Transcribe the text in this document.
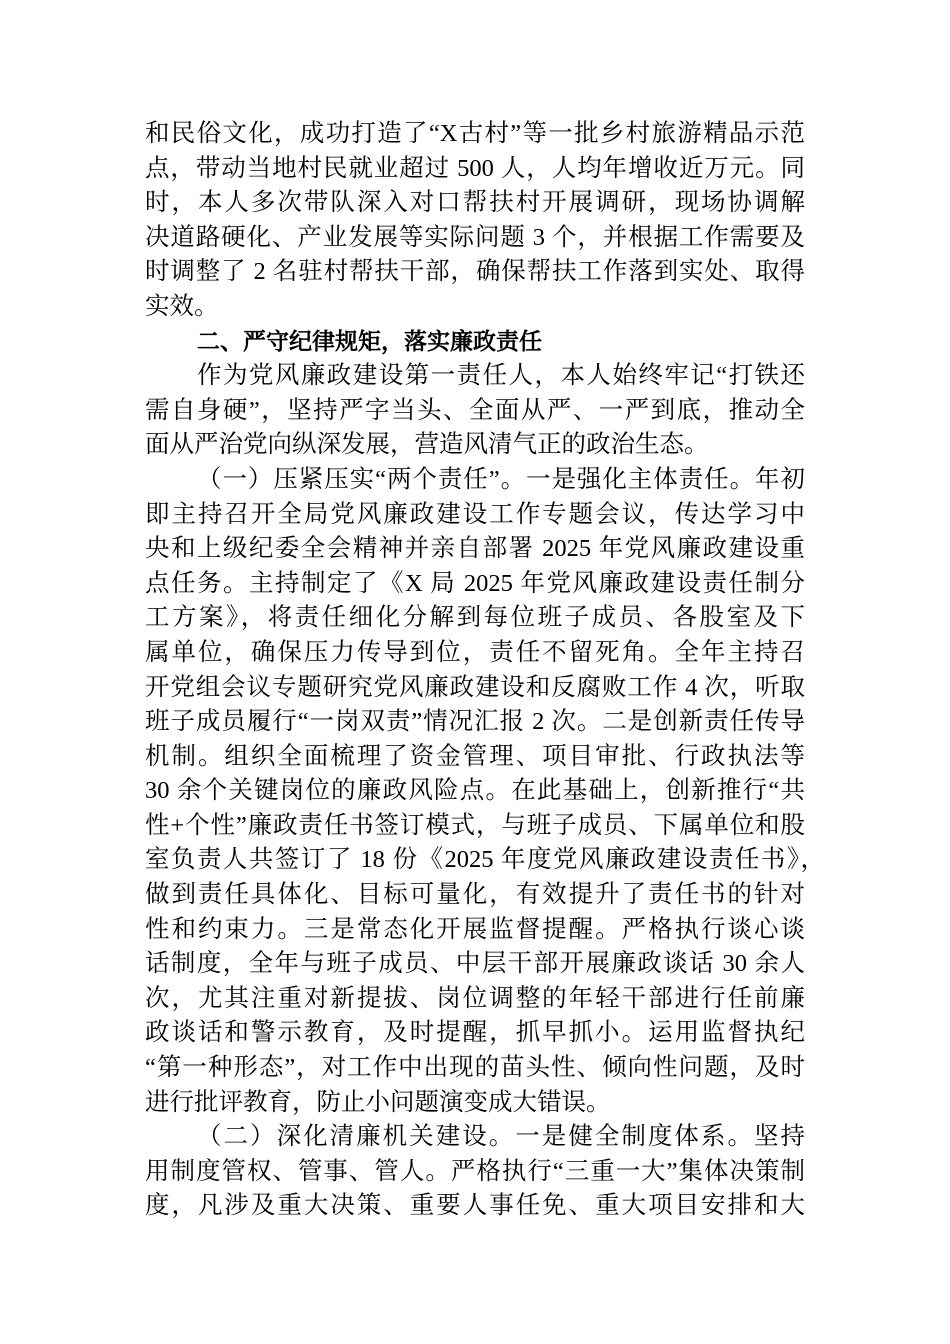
和民俗文化，成功打造了“X古村”等一批乡村旅游精品示范
点，带动当地村民就业超过 500 人，人均年增收近万元。同
时，本人多次带队深入对口帮扶村开展调研，现场协调解
决道路硬化、产业发展等实际问题 3 个，并根据工作需要及
时调整了 2 名驻村帮扶干部，确保帮扶工作落到实处、取得
实效。
二、严守纪律规矩，落实廉政责任
作为党风廉政建设第一责任人，本人始终牢记“打铁还
需自身硬”，坚持严字当头、全面从严、一严到底，推动全
面从严治党向纵深发展，营造风清气正的政治生态。
（一）压紧压实“两个责任”。一是强化主体责任。年初
即主持召开全局党风廉政建设工作专题会议，传达学习中
央和上级纪委全会精神并亲自部署 2025 年党风廉政建设重
点任务。主持制定了《X 局 2025 年党风廉政建设责任制分
工方案》，将责任细化分解到每位班子成员、各股室及下
属单位，确保压力传导到位，责任不留死角。全年主持召
开党组会议专题研究党风廉政建设和反腐败工作 4 次，听取
班子成员履行“一岗双责”情况汇报 2 次。二是创新责任传导
机制。组织全面梳理了资金管理、项目审批、行政执法等
30 余个关键岗位的廉政风险点。在此基础上，创新推行“共
性+个性”廉政责任书签订模式，与班子成员、下属单位和股
室负责人共签订了 18 份《2025 年度党风廉政建设责任书》，
做到责任具体化、目标可量化，有效提升了责任书的针对
性和约束力。三是常态化开展监督提醒。严格执行谈心谈
话制度，全年与班子成员、中层干部开展廉政谈话 30 余人
次，尤其注重对新提拔、岗位调整的年轻干部进行任前廉
政谈话和警示教育，及时提醒，抓早抓小。运用监督执纪
“第一种形态”，对工作中出现的苗头性、倾向性问题，及时
进行批评教育，防止小问题演变成大错误。
（二）深化清廉机关建设。一是健全制度体系。坚持
用制度管权、管事、管人。严格执行“三重一大”集体决策制
度，凡涉及重大决策、重要人事任免、重大项目安排和大
